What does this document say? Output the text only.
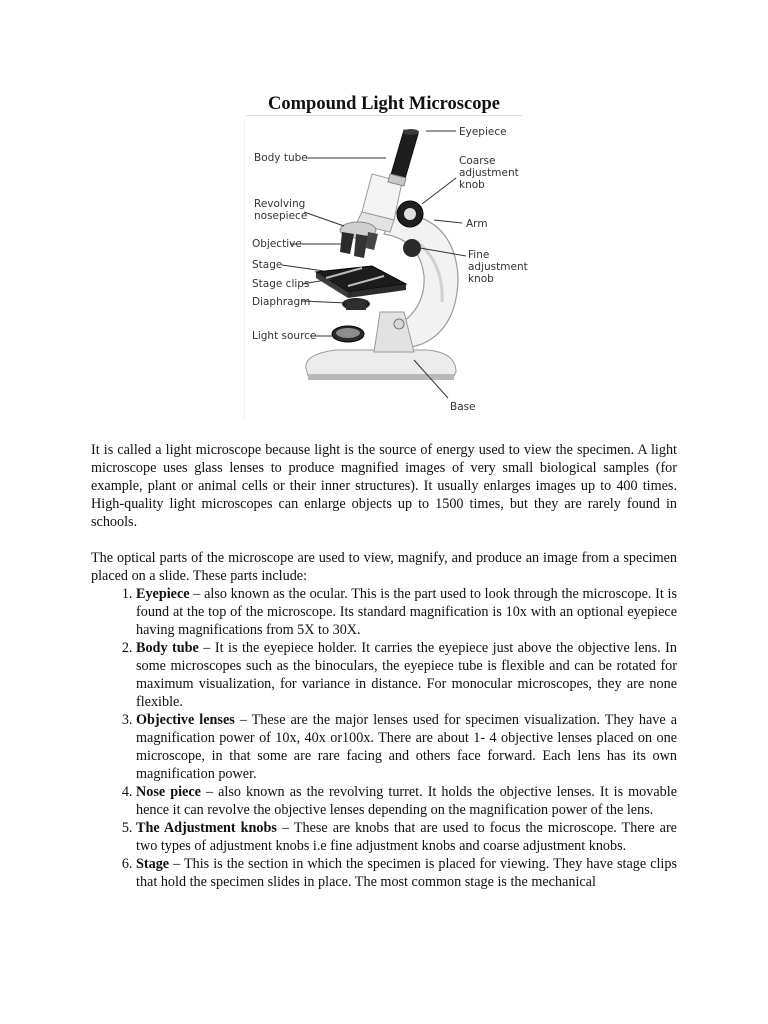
Compound Light Microscope
Eyepiece
Coarse
adjustment
knob
Arm
Fine
adjustment
knob
Base
Body tube
Revolving
nosepiece
Objective
Stage
Stage clips
Diaphragm
Light source

It is called a light microscope because light is the source of energy used to view the specimen. A light microscope uses glass lenses to produce magnified images of very small biological samples (for example, plant or animal cells or their inner structures). It usually enlarges images up to 400 times. High-quality light microscopes can enlarge objects up to 1500 times, but they are rarely found in schools.

The optical parts of the microscope are used to view, magnify, and produce an image from a specimen placed on a slide. These parts include:

1. Eyepiece – also known as the ocular. This is the part used to look through the microscope. It is found at the top of the microscope. Its standard magnification is 10x with an optional eyepiece having magnifications from 5X to 30X.
2. Body tube – It is the eyepiece holder. It carries the eyepiece just above the objective lens. In some microscopes such as the binoculars, the eyepiece tube is flexible and can be rotated for maximum visualization, for variance in distance. For monocular microscopes, they are none flexible.
3. Objective lenses – These are the major lenses used for specimen visualization. They have a magnification power of 10x, 40x or100x. There are about 1- 4 objective lenses placed on one microscope, in that some are rare facing and others face forward. Each lens has its own magnification power.
4. Nose piece – also known as the revolving turret. It holds the objective lenses. It is movable hence it can revolve the objective lenses depending on the magnification power of the lens.
5. The Adjustment knobs – These are knobs that are used to focus the microscope. There are two types of adjustment knobs i.e fine adjustment knobs and coarse adjustment knobs.
6. Stage – This is the section in which the specimen is placed for viewing. They have stage clips that hold the specimen slides in place. The most common stage is the mechanical
